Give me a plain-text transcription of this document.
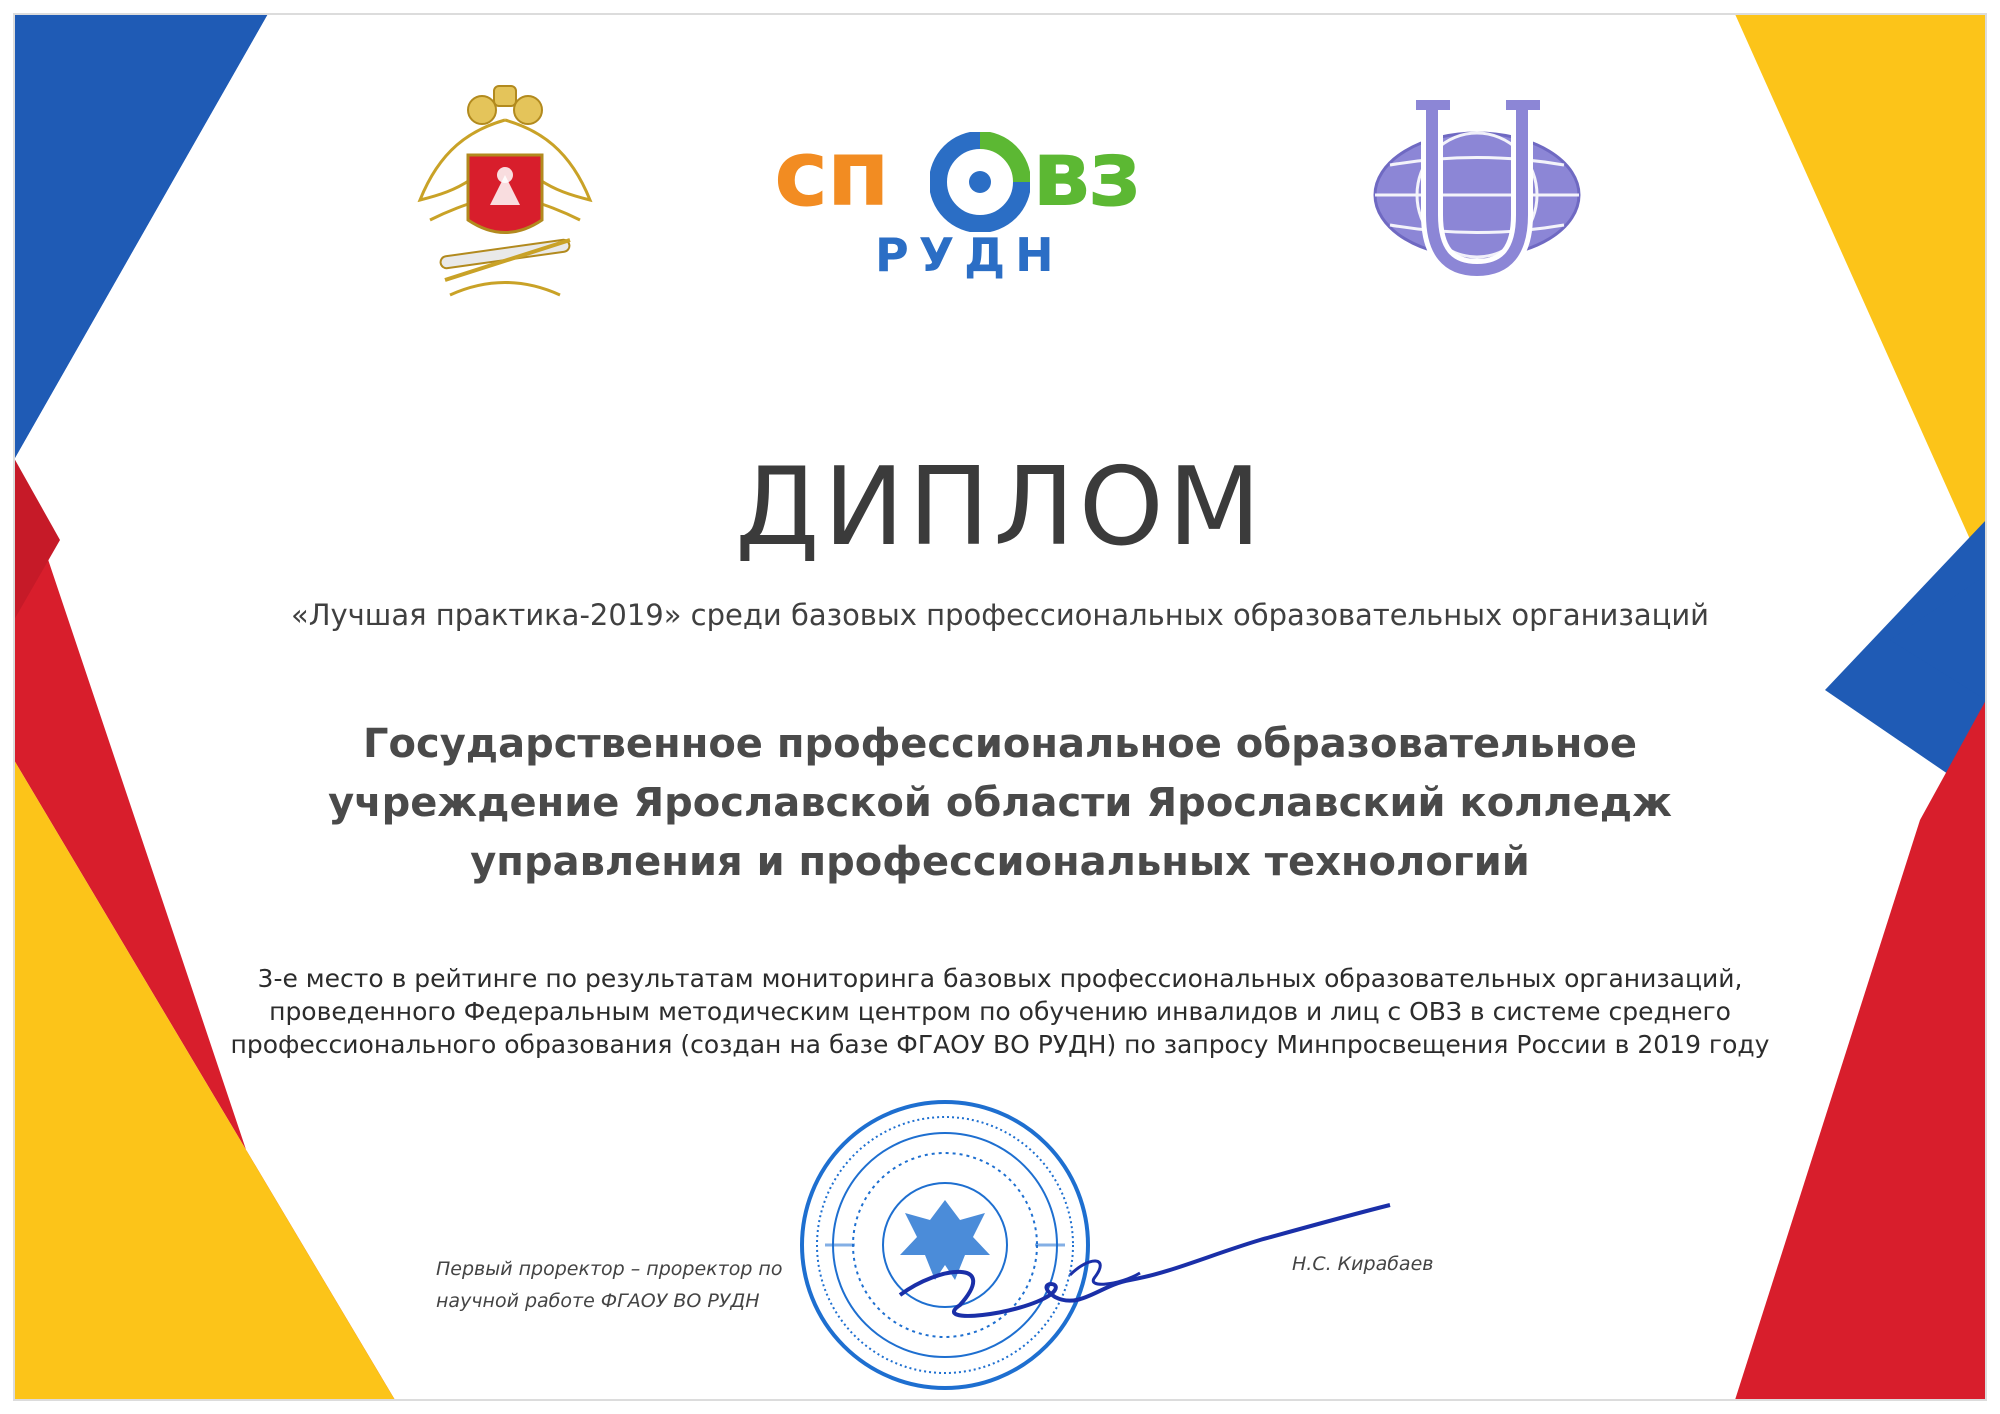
сп вз
РУДН
ДИПЛОМ
«Лучшая практика-2019» среди базовых профессиональных образовательных организаций
Государственное профессиональное образовательное
учреждение Ярославской области Ярославский колледж
управления и профессиональных технологий
3-е место в рейтинге по результатам мониторинга базовых профессиональных образовательных организаций,
проведенного Федеральным методическим центром по обучению инвалидов и лиц с ОВЗ в системе среднего
профессионального образования (создан на базе ФГАОУ ВО РУДН) по запросу Минпросвещения России в 2019 году
Первый проректор – проректор по
научной работе ФГАОУ ВО РУДН
Н.С. Кирабаев
